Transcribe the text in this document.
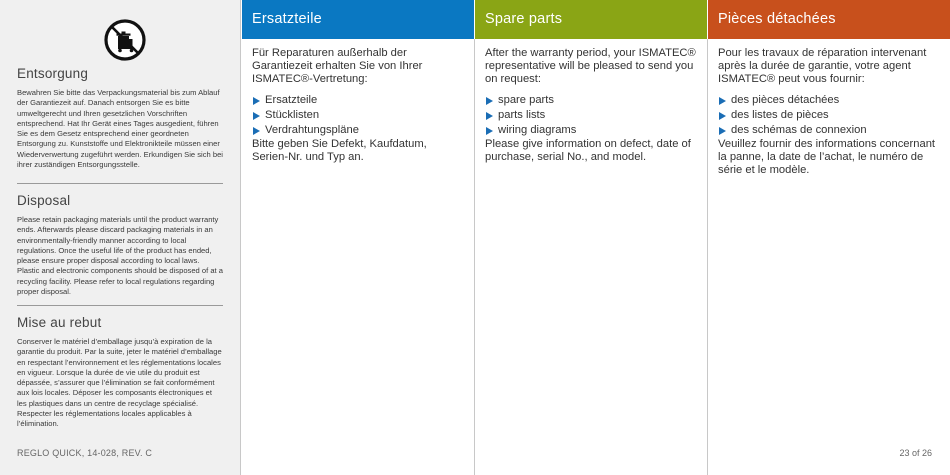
Entsorgung

Bewahren Sie bitte das Verpackungsmaterial bis zum Ablauf der Garantiezeit auf. Danach entsorgen Sie es bitte umweltgerecht und Ihren gesetzlichen Vorschriften entsprechend. Hat Ihr Gerät eines Tages ausgedient, führen Sie es dem Gesetz entsprechend einer geordneten Entsorgung zu. Kunststoffe und Elektronikteile müssen einer Wiederverwertung zugeführt werden. Erkundigen Sie sich bei ihrer zuständigen Entsorgungsstelle.

Disposal

Please retain packaging materials until the product warranty ends. Afterwards please discard packaging materials in an environmentally-friendly manner according to local regulations. Once the useful life of the product has ended, please ensure proper disposal according to local laws. Plastic and electronic components should be disposed of at a recycling facility. Please refer to local regulations regarding proper disposal.

Mise au rebut

Conserver le matériel d’emballage jusqu’à expiration de la garantie du produit. Par la suite, jeter le matériel d’emballage en respectant l’environnement et les réglementations locales en vigueur. Lorsque la durée de vie utile du produit est dépassée, s’assurer que l’élimination se fait conformément aux lois locales. Déposer les composants électroniques et les plastiques dans un centre de recyclage spécialisé. Respecter les réglementations locales applicables à l’élimination.

REGLO QUICK, 14-028, REV. C
Ersatzteile

Für Reparaturen außerhalb der Garantiezeit erhalten Sie von Ihrer ISMATEC®-Vertretung:

Ersatzteile
Stücklisten
Verdrahtungspläne

Bitte geben Sie Defekt, Kaufdatum, Serien-Nr. und Typ an.

Spare parts

After the warranty period, your ISMATEC® representative will be pleased to send you on request:

spare parts
parts lists
wiring diagrams

Please give information on defect, date of purchase, serial No., and model.

Pièces détachées

Pour les travaux de réparation intervenant après la durée de garantie, votre agent ISMATEC® peut vous fournir:

des pièces détachées
des listes de pièces
des schémas de connexion

Veuillez fournir des informations concernant la panne, la date de l’achat, le numéro de série et le modèle.

23 of 26
